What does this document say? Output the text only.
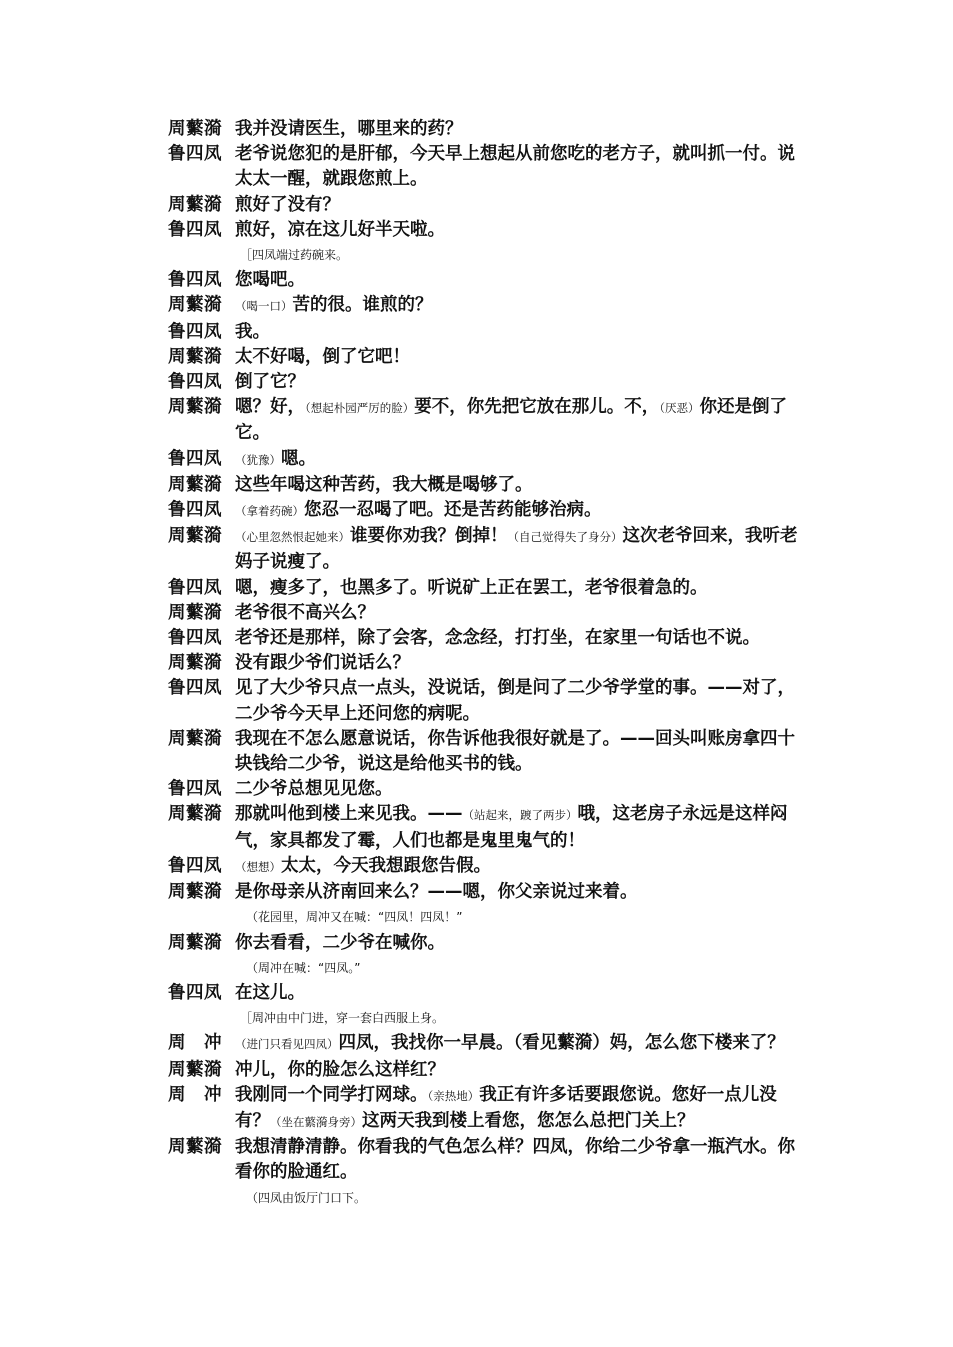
周蘩漪 我并没请医生，哪里来的药？
鲁四凤 老爷说您犯的是肝郁，今天早上想起从前您吃的老方子，就叫抓一付。说太太一醒，就跟您煎上。
周蘩漪 煎好了没有？
鲁四凤 煎好，凉在这儿好半天啦。
［四凤端过药碗来。
鲁四凤 您喝吧。
周蘩漪	（喝一口）苦的很。谁煎的？
鲁四凤 我。
周蘩漪 太不好喝，倒了它吧！
鲁四凤 倒了它？
周蘩漪 嗯？好，（想起朴园严厉的脸）要不，你先把它放在那儿。不，（厌恶）你还是倒了它。
鲁四凤	（犹豫）嗯。
周蘩漪 这些年喝这种苦药，我大概是喝够了。
鲁四凤	（拿着药碗）您忍一忍喝了吧。还是苦药能够治病。
周蘩漪	（心里忽然恨起她来）谁要你劝我？倒掉！（自己觉得失了身分）这次老爷回来，我听老妈子说瘦了。
鲁四凤 嗯，瘦多了，也黑多了。听说矿上正在罢工，老爷很着急的。
周蘩漪 老爷很不高兴么？
鲁四凤 老爷还是那样，除了会客，念念经，打打坐，在家里一句话也不说。
周蘩漪 没有跟少爷们说话么？
鲁四凤 见了大少爷只点一点头，没说话，倒是问了二少爷学堂的事。——对了，二少爷今天早上还问您的病呢。
周蘩漪 我现在不怎么愿意说话，你告诉他我很好就是了。——回头叫账房拿四十块钱给二少爷，说这是给他买书的钱。
鲁四凤 二少爷总想见见您。
周蘩漪 那就叫他到楼上来见我。——（站起来，踱了两步）哦，这老房子永远是这样闷气，家具都发了霉，人们也都是鬼里鬼气的！
鲁四凤	（想想）太太，今天我想跟您告假。
周蘩漪 是你母亲从济南回来么？——嗯，你父亲说过来着。
（花园里，周冲又在喊：“四凤！四凤！”
周蘩漪 你去看看，二少爷在喊你。
（周冲在喊：“四凤。”
鲁四凤 在这儿。
［周冲由中门进，穿一套白西服上身。
周　冲	（进门只看见四凤）四凤，我找你一早晨。（看见蘩漪）妈，怎么您下楼来了？
周蘩漪 冲儿，你的脸怎么这样红？
周　冲 我刚同一个同学打网球。（亲热地）我正有许多话要跟您说。您好一点儿没有？（坐在蘩漪身旁）这两天我到楼上看您，您怎么总把门关上？
周蘩漪 我想清静清静。你看我的气色怎么样？四凤，你给二少爷拿一瓶汽水。你看你的脸通红。
（四凤由饭厅门口下。
